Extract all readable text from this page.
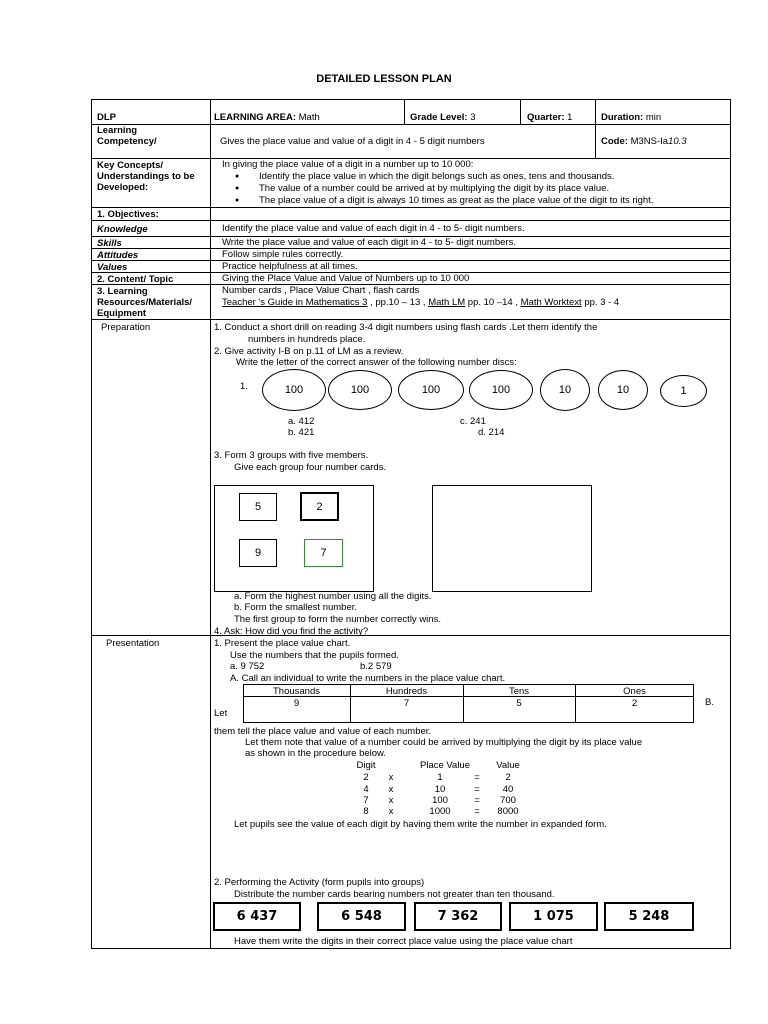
DETAILED LESSON PLAN
DLP	LEARNING AREA: Math	Grade Level: 3	Quarter: 1	Duration: min
Learning
Competency/	Gives the place value and value of a digit in 4 - 5 digit numbers	Code: M3NS-Ia10.3
Key Concepts/
Understandings to be
Developed:
In giving the place value of a digit in a number up to 10 000:
● Identify the place value in which the digit belongs such as ones, tens and thousands.
● The value of a number could be arrived at by multiplying the digit by its place value.
● The place value of a digit is always 10 times as great as the place value of the digit to its right.
1. Objectives:
Knowledge	Identify the place value and value of each digit in 4 - to 5- digit numbers.
Skills	Write the place value and value of each digit in 4 - to 5- digit numbers.
Attitudes	Follow simple rules correctly.
Values	Practice helpfulness at all times.
2. Content/ Topic	Giving the Place Value and Value of Numbers up to 10 000
3. Learning
Resources/Materials/
Equipment
Number cards , Place Value Chart , flash cards
Teacher 's Guide in Mathematics 3 , pp.10 – 13 , Math LM pp. 10 –14 , Math Worktext pp. 3 - 4
Preparation	1. Conduct a short drill on reading 3-4 digit numbers using flash cards .Let them identify the
numbers in hundreds place.
2. Give activity I-B on p.11 of LM as a review.
Write the letter of the correct answer of the following number discs:
1.	100	100	100	100	10	10	1
a. 412
b. 421
c. 241
d. 214
3. Form 3 groups with five members.
Give each group four number cards.
5	2
9	7
a. Form the highest number using all the digits.
b. Form the smallest number.
The first group to form the number correctly wins.
4. Ask: How did you find the activity?
Presentation	1. Present the place value chart.
Use the numbers that the pupils formed.
a. 9 752	b.2 579
A. Call an individual to write the numbers in the place value chart.
Thousands	Hundreds	Tens	Ones
9	7	5	2	B.
Let
them tell the place value and value of each number.
Let them note that value of a number could be arrived by multiplying the digit by its place value
as shown in the procedure below.
Digit	Place Value	Value
2	x	1	=	2
4	x	10	=	40
7	x	100	=	700
8	x	1000	=	8000
Let pupils see the value of each digit by having them write the number in expanded form.
2. Performing the Activity (form pupils into groups)
Distribute the number cards bearing numbers not greater than ten thousand.
6 437	6 548	7 362	1 075	5 248
Have them write the digits in their correct place value using the place value chart
